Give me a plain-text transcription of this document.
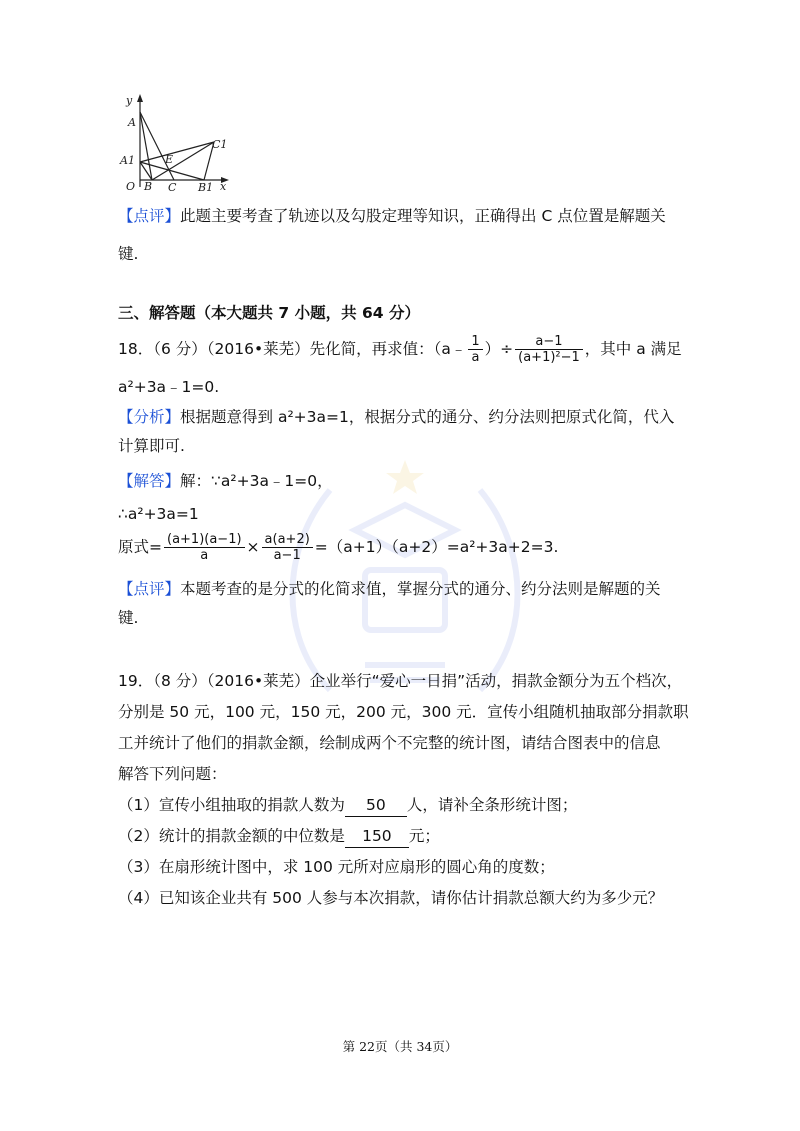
y
A
C1
A1	E
O B C B1 x
【点评】此题主要考查了轨迹以及勾股定理等知识，正确得出 C 点位置是解题关
键.
三、解答题（本大题共 7 小题，共 64 分）
18．（6 分）（2016•莱芜）先化简，再求值：（a﹣ $\frac{1}{a}$ ）÷ $\frac{a-1}{\text{(a+1)²−1}}$ ，其中 a 满足
a²+3a﹣1=0.
【分析】根据题意得到 a²+3a=1，根据分式的通分、约分法则把原式化简，代入
计算即可.
【解答】解：∵a²+3a﹣1=0，
∴a²+3a=1
原式= $\frac{(a+1)(a-1)}{a} \times \frac{a(a+2)}{a-1} =(a+1)(a+2)=a^2+3a+2=3$.
【点评】本题考查的是分式的化简求值，掌握分式的通分、约分法则是解题的关
键.
19．（8 分）（2016•莱芜）企业举行“爱心一日捐”活动，捐款金额分为五个档次，
分别是 50 元，100 元，150 元，200 元，300 元．宣传小组随机抽取部分捐款职
工并统计了他们的捐款金额，绘制成两个不完整的统计图，请结合图表中的信息
解答下列问题：
（1）宣传小组抽取的捐款人数为 50 人，请补全条形统计图；
（2）统计的捐款金额的中位数是 150 元；
（3）在扇形统计图中，求 100 元所对应扇形的圆心角的度数；
（4）已知该企业共有 500 人参与本次捐款，请你估计捐款总额大约为多少元？
第 22页（共 34页）
